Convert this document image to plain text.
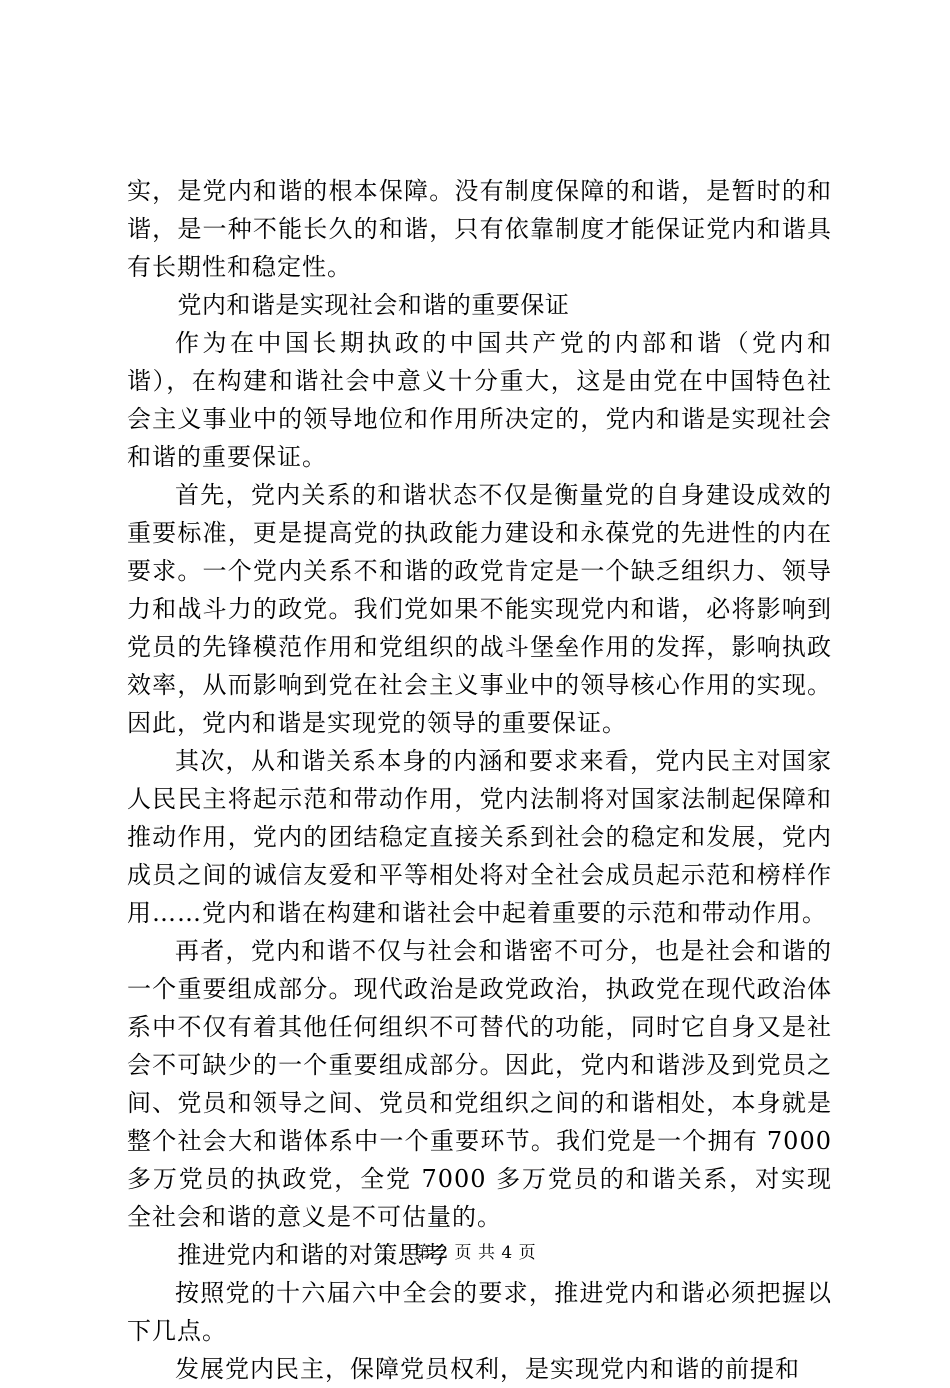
实，是党内和谐的根本保障。没有制度保障的和谐，是暂时的和谐，是一种不能长久的和谐，只有依靠制度才能保证党内和谐具有长期性和稳定性。

党内和谐是实现社会和谐的重要保证

作为在中国长期执政的中国共产党的内部和谐（党内和谐），在构建和谐社会中意义十分重大，这是由党在中国特色社会主义事业中的领导地位和作用所决定的，党内和谐是实现社会和谐的重要保证。

首先，党内关系的和谐状态不仅是衡量党的自身建设成效的重要标准，更是提高党的执政能力建设和永葆党的先进性的内在要求。一个党内关系不和谐的政党肯定是一个缺乏组织力、领导力和战斗力的政党。我们党如果不能实现党内和谐，必将影响到党员的先锋模范作用和党组织的战斗堡垒作用的发挥，影响执政效率，从而影响到党在社会主义事业中的领导核心作用的实现。因此，党内和谐是实现党的领导的重要保证。

其次，从和谐关系本身的内涵和要求来看，党内民主对国家人民民主将起示范和带动作用，党内法制将对国家法制起保障和推动作用，党内的团结稳定直接关系到社会的稳定和发展，党内成员之间的诚信友爱和平等相处将对全社会成员起示范和榜样作用……党内和谐在构建和谐社会中起着重要的示范和带动作用。

再者，党内和谐不仅与社会和谐密不可分，也是社会和谐的一个重要组成部分。现代政治是政党政治，执政党在现代政治体系中不仅有着其他任何组织不可替代的功能，同时它自身又是社会不可缺少的一个重要组成部分。因此，党内和谐涉及到党员之间、党员和领导之间、党员和党组织之间的和谐相处，本身就是整个社会大和谐体系中一个重要环节。我们党是一个拥有 7000 多万党员的执政党，全党 7000 多万党员的和谐关系，对实现全社会和谐的意义是不可估量的。

推进党内和谐的对策思考

按照党的十六届六中全会的要求，推进党内和谐必须把握以下几点。

发展党内民主，保障党员权利，是实现党内和谐的前提和

第 2 页 共 4 页
